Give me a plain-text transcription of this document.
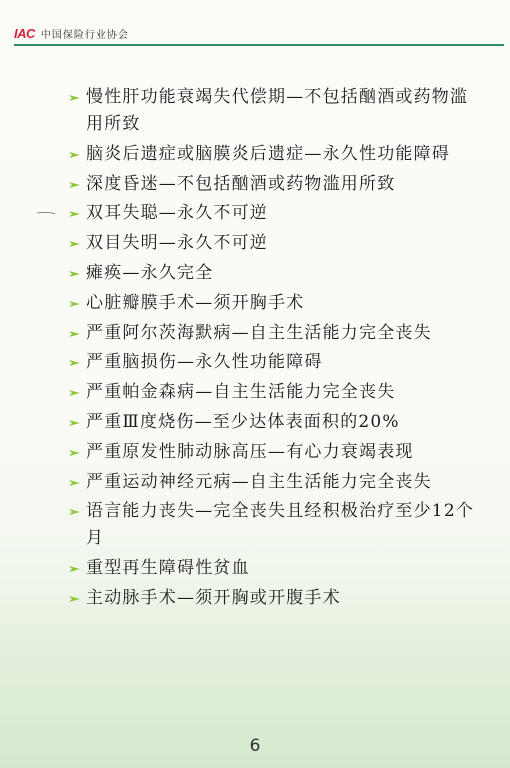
IAC 中国保险行业协会
慢性肝功能衰竭失代偿期—不包括酗酒或药物滥用所致
脑炎后遗症或脑膜炎后遗症—永久性功能障碍
深度昏迷—不包括酗酒或药物滥用所致
双耳失聪—永久不可逆
双目失明—永久不可逆
瘫痪—永久完全
心脏瓣膜手术—须开胸手术
严重阿尔茨海默病—自主生活能力完全丧失
严重脑损伤—永久性功能障碍
严重帕金森病—自主生活能力完全丧失
严重Ⅲ度烧伤—至少达体表面积的20%
严重原发性肺动脉高压—有心力衰竭表现
严重运动神经元病—自主生活能力完全丧失
语言能力丧失—完全丧失且经积极治疗至少12个月
重型再生障碍性贫血
主动脉手术—须开胸或开腹手术
6
